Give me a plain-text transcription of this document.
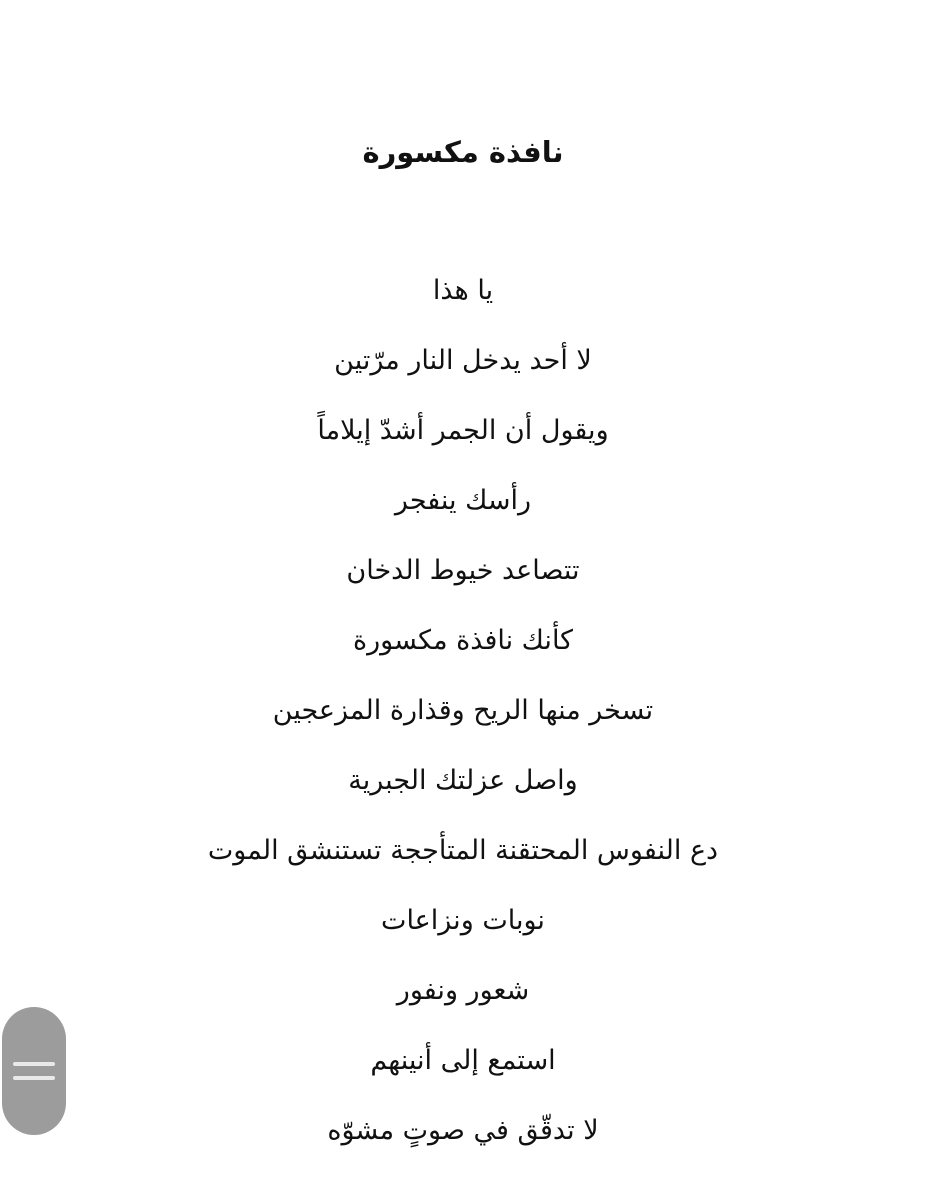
نافذة مكسورة
يا هذا
لا أحد يدخل النار مرّتين
ويقول أن الجمر أشدّ إيلاماً
رأسك ينفجر
تتصاعد خيوط الدخان
كأنك نافذة مكسورة
تسخر منها الريح وقذارة المزعجين
واصل عزلتك الجبرية
دع النفوس المحتقنة المتأججة تستنشق الموت
نوبات ونزاعات
شعور ونفور
استمع إلى أنينهم
لا تدقّق في صوتٍ مشوّه
